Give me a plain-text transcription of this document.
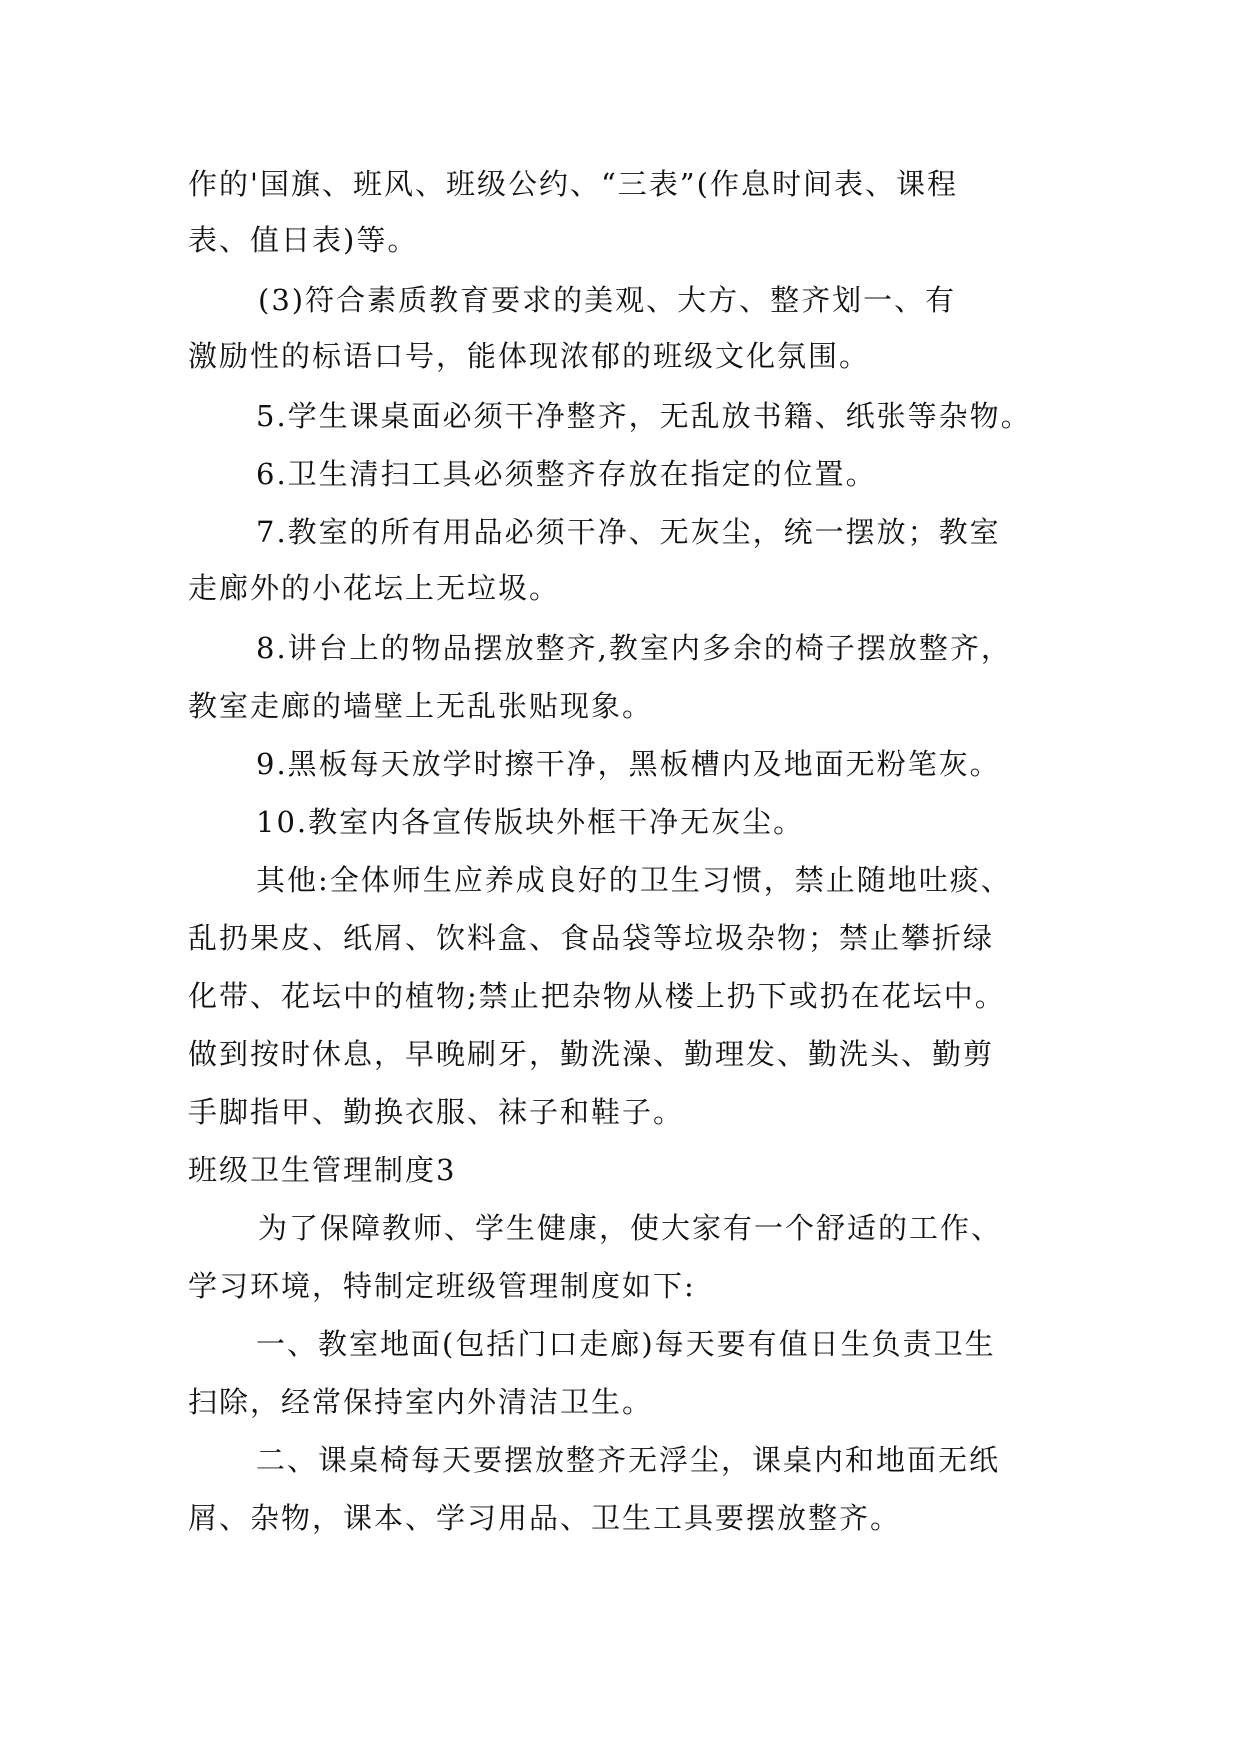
作的'国旗、班风、班级公约、“三表”(作息时间表、课程
表、值日表)等。
(3)符合素质教育要求的美观、大方、整齐划一、有
激励性的标语口号，能体现浓郁的班级文化氛围。
5.学生课桌面必须干净整齐，无乱放书籍、纸张等杂物。
6.卫生清扫工具必须整齐存放在指定的位置。
7.教室的所有用品必须干净、无灰尘，统一摆放；教室
走廊外的小花坛上无垃圾。
8.讲台上的物品摆放整齐,教室内多余的椅子摆放整齐，
教室走廊的墙壁上无乱张贴现象。
9.黑板每天放学时擦干净，黑板槽内及地面无粉笔灰。
10.教室内各宣传版块外框干净无灰尘。
其他:全体师生应养成良好的卫生习惯，禁止随地吐痰、
乱扔果皮、纸屑、饮料盒、食品袋等垃圾杂物；禁止攀折绿
化带、花坛中的植物;禁止把杂物从楼上扔下或扔在花坛中。
做到按时休息，早晚刷牙，勤洗澡、勤理发、勤洗头、勤剪
手脚指甲、勤换衣服、袜子和鞋子。
班级卫生管理制度3
为了保障教师、学生健康，使大家有一个舒适的工作、
学习环境，特制定班级管理制度如下:
一、教室地面(包括门口走廊)每天要有值日生负责卫生
扫除，经常保持室内外清洁卫生。
二、课桌椅每天要摆放整齐无浮尘，课桌内和地面无纸
屑、杂物，课本、学习用品、卫生工具要摆放整齐。
